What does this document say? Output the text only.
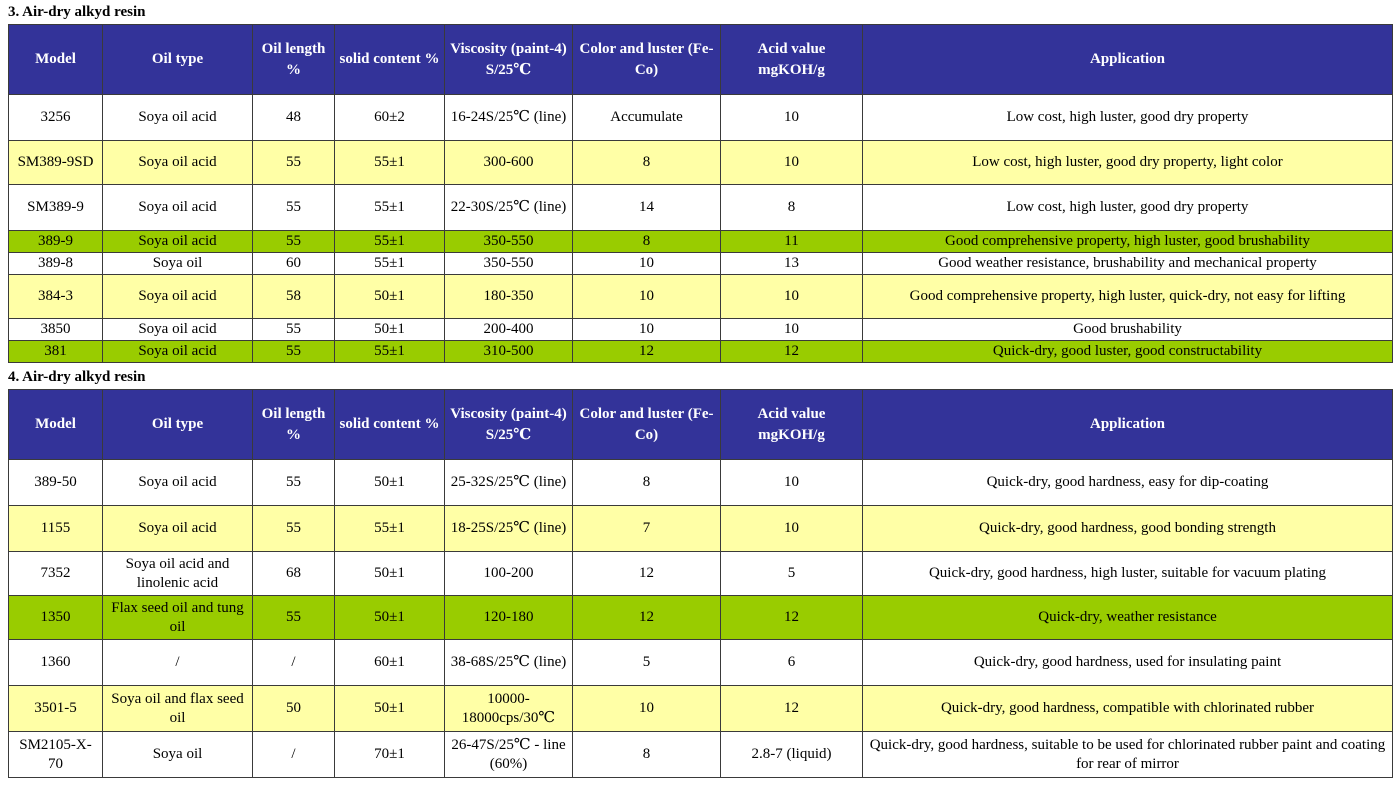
3. Air-dry alkyd resin
Model	Oil type	Oil length %	solid content %	Viscosity (paint-4) S/25℃	Color and luster (Fe-Co)	Acid value mgKOH/g	Application
3256	Soya oil acid	48	60±2	16-24S/25℃ (line)	Accumulate	10	Low cost, high luster, good dry property
SM389-9SD	Soya oil acid	55	55±1	300-600	8	10	Low cost, high luster, good dry property, light color
SM389-9	Soya oil acid	55	55±1	22-30S/25℃ (line)	14	8	Low cost, high luster, good dry property
389-9	Soya oil acid	55	55±1	350-550	8	11	Good comprehensive property, high luster, good brushability
389-8	Soya oil	60	55±1	350-550	10	13	Good weather resistance, brushability and mechanical property
384-3	Soya oil acid	58	50±1	180-350	10	10	Good comprehensive property, high luster, quick-dry, not easy for lifting
3850	Soya oil acid	55	50±1	200-400	10	10	Good brushability
381	Soya oil acid	55	55±1	310-500	12	12	Quick-dry, good luster, good constructability
4. Air-dry alkyd resin
Model	Oil type	Oil length %	solid content %	Viscosity (paint-4) S/25℃	Color and luster (Fe-Co)	Acid value mgKOH/g	Application
389-50	Soya oil acid	55	50±1	25-32S/25℃ (line)	8	10	Quick-dry, good hardness, easy for dip-coating
1155	Soya oil acid	55	55±1	18-25S/25℃ (line)	7	10	Quick-dry, good hardness, good bonding strength
7352	Soya oil acid and linolenic acid	68	50±1	100-200	12	5	Quick-dry, good hardness, high luster, suitable for vacuum plating
1350	Flax seed oil and tung oil	55	50±1	120-180	12	12	Quick-dry, weather resistance
1360	/	/	60±1	38-68S/25℃ (line)	5	6	Quick-dry, good hardness, used for insulating paint
3501-5	Soya oil and flax seed oil	50	50±1	10000-18000cps/30℃	10	12	Quick-dry, good hardness, compatible with chlorinated rubber
SM2105-X-70	Soya oil	/	70±1	26-47S/25℃ - line (60%)	8	2.8-7 (liquid)	Quick-dry, good hardness, suitable to be used for chlorinated rubber paint and coating for rear of mirror
